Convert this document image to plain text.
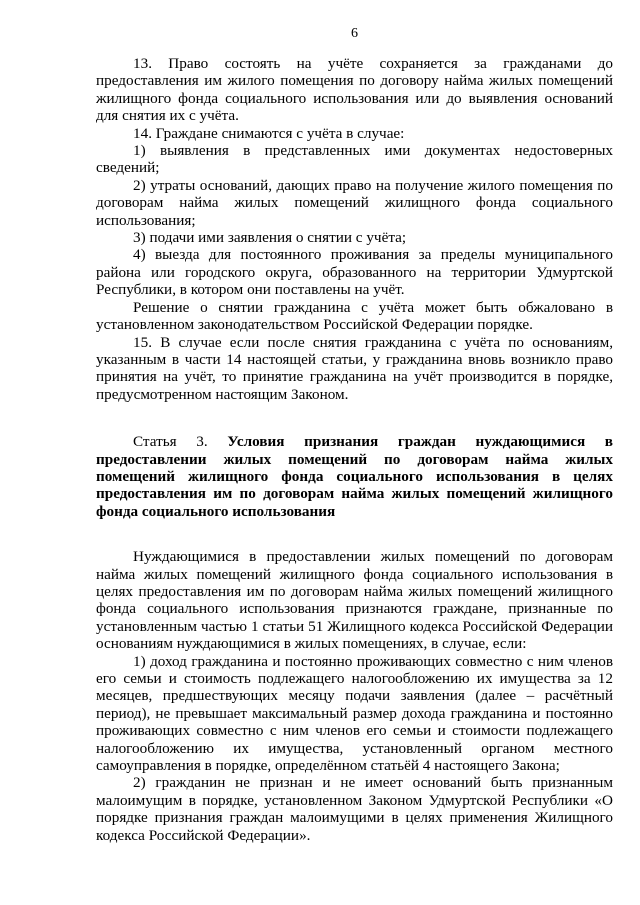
6

13. Право состоять на учёте сохраняется за гражданами до предоставления им жилого помещения по договору найма жилых помещений жилищного фонда социального использования или до выявления оснований для снятия их с учёта.

14. Граждане снимаются с учёта в случае:

1) выявления в представленных ими документах недостоверных сведений;

2) утраты оснований, дающих право на получение жилого помещения по договорам найма жилых помещений жилищного фонда социального использования;

3) подачи ими заявления о снятии с учёта;

4) выезда для постоянного проживания за пределы муниципального района или городского округа, образованного на территории Удмуртской Республики, в котором они поставлены на учёт.

Решение о снятии гражданина с учёта может быть обжаловано в установленном законодательством Российской Федерации порядке.

15. В случае если после снятия гражданина с учёта по основаниям, указанным в части 14 настоящей статьи, у гражданина вновь возникло право принятия на учёт, то принятие гражданина на учёт производится в порядке, предусмотренном настоящим Законом.

Статья 3. Условия признания граждан нуждающимися в предоставлении жилых помещений по договорам найма жилых помещений жилищного фонда социального использования в целях предоставления им по договорам найма жилых помещений жилищного фонда социального использования

Нуждающимися в предоставлении жилых помещений по договорам найма жилых помещений жилищного фонда социального использования в целях предоставления им по договорам найма жилых помещений жилищного фонда социального использования признаются граждане, признанные по установленным частью 1 статьи 51 Жилищного кодекса Российской Федерации основаниям нуждающимися в жилых помещениях, в случае, если:

1) доход гражданина и постоянно проживающих совместно с ним членов его семьи и стоимость подлежащего налогообложению их имущества за 12 месяцев, предшествующих месяцу подачи заявления (далее – расчётный период), не превышает максимальный размер дохода гражданина и постоянно проживающих совместно с ним членов его семьи и стоимости подлежащего налогообложению их имущества, установленный органом местного самоуправления в порядке, определённом статьёй 4 настоящего Закона;

2) гражданин не признан и не имеет оснований быть признанным малоимущим в порядке, установленном Законом Удмуртской Республики «О порядке признания граждан малоимущими в целях применения Жилищного кодекса Российской Федерации».
